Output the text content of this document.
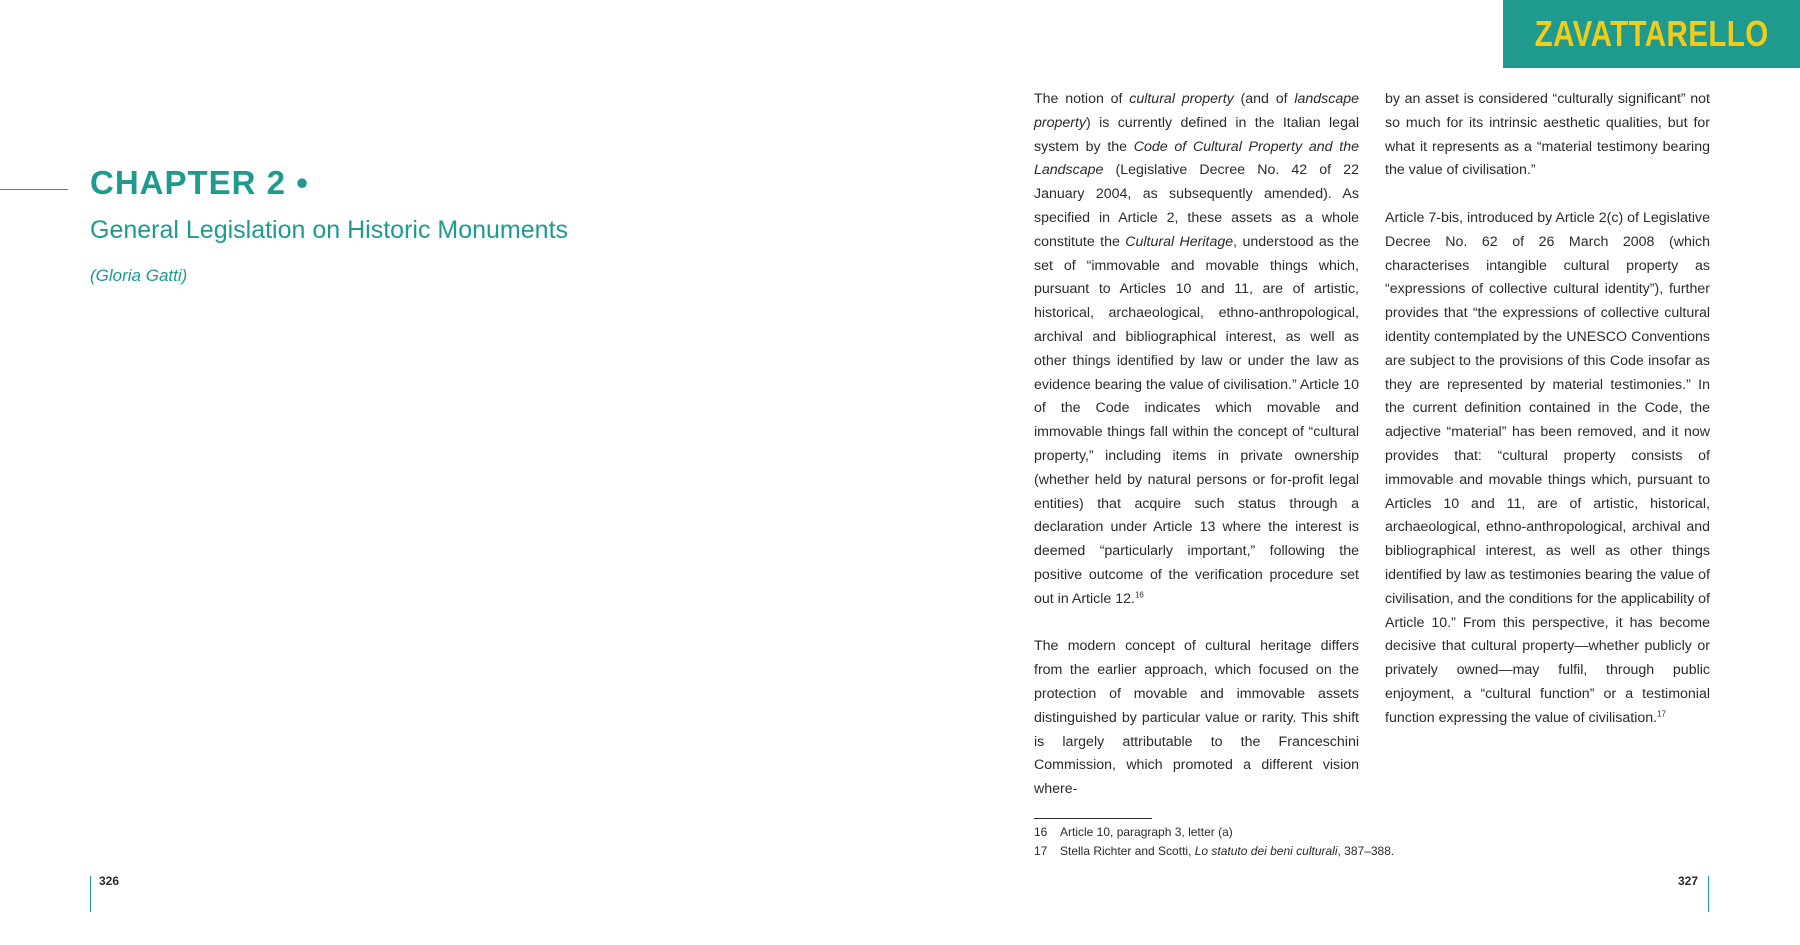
ZAVATTARELLO
CHAPTER 2 •
General Legislation on Historic Monuments
(Gloria Gatti)

The notion of cultural property (and of landscape property) is currently defined in the Italian legal system by the Code of Cultural Property and the Landscape (Legislative Decree No. 42 of 22 January 2004, as subsequently amended). As specified in Article 2, these assets as a whole constitute the Cultural Heritage, understood as the set of “immovable and movable things which, pursuant to Articles 10 and 11, are of artistic, historical, archaeological, ethno-anthropological, archival and bibliographical interest, as well as other things identified by law or under the law as evidence bearing the value of civilisation.” Article 10 of the Code indicates which movable and immovable things fall within the concept of “cultural property,” including items in private ownership (whether held by natural persons or for-profit legal entities) that acquire such status through a declaration under Article 13 where the interest is deemed “particularly important,” following the positive outcome of the verification procedure set out in Article 12.16

The modern concept of cultural heritage differs from the earlier approach, which focused on the protection of movable and immovable assets distinguished by particular value or rarity. This shift is largely attributable to the Franceschini Commission, which promoted a different vision where-

by an asset is considered “culturally significant” not so much for its intrinsic aesthetic qualities, but for what it represents as a “material testimony bearing the value of civilisation.”

Article 7-bis, introduced by Article 2(c) of Legislative Decree No. 62 of 26 March 2008 (which characterises intangible cultural property as “expressions of collective cultural identity”), further provides that “the expressions of collective cultural identity contemplated by the UNESCO Conventions are subject to the provisions of this Code insofar as they are represented by material testimonies.” In the current definition contained in the Code, the adjective “material” has been removed, and it now provides that: “cultural property consists of immovable and movable things which, pursuant to Articles 10 and 11, are of artistic, historical, archaeological, ethno-anthropological, archival and bibliographical interest, as well as other things identified by law as testimonies bearing the value of civilisation, and the conditions for the applicability of Article 10.” From this perspective, it has become decisive that cultural property—whether publicly or privately owned—may fulfil, through public enjoyment, a “cultural function” or a testimonial function expressing the value of civilisation.$^{17}$

16 Article 10, paragraph 3, letter (a)
17 Stella Richter and Scotti, Lo statuto dei beni culturali, 387–388.
326	327
